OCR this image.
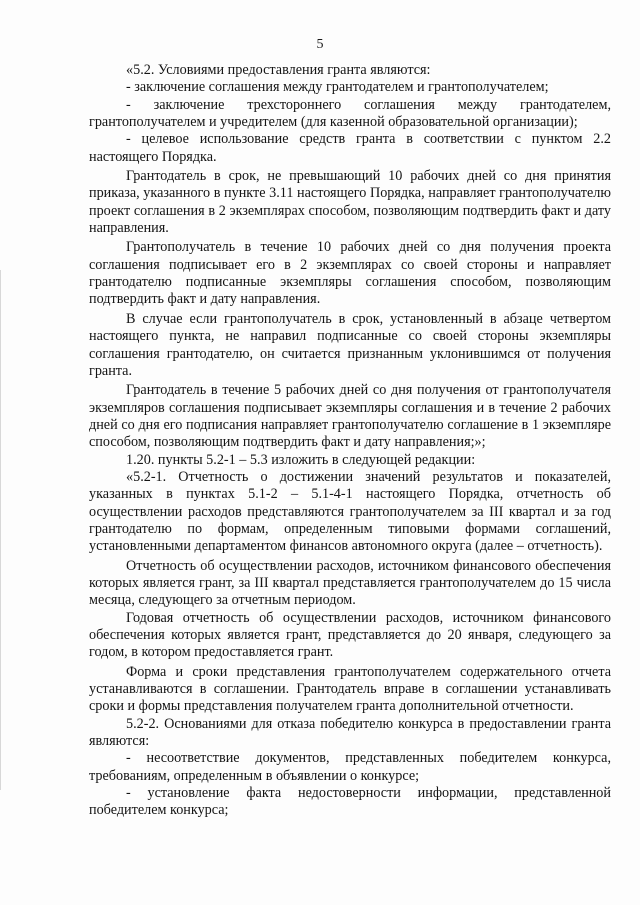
5

«5.2. Условиями предоставления гранта являются:

- заключение соглашения между грантодателем и грантополучателем;

- заключение трехстороннего соглашения между грантодателем, грантополучателем и учредителем (для казенной образовательной организации);

- целевое использование средств гранта в соответствии с пунктом 2.2 настоящего Порядка.

Грантодатель в срок, не превышающий 10 рабочих дней со дня принятия приказа, указанного в пункте 3.11 настоящего Порядка, направляет грантополучателю проект соглашения в 2 экземплярах способом, позволяющим подтвердить факт и дату направления.

Грантополучатель в течение 10 рабочих дней со дня получения проекта соглашения подписывает его в 2 экземплярах со своей стороны и направляет грантодателю подписанные экземпляры соглашения способом, позволяющим подтвердить факт и дату направления.

В случае если грантополучатель в срок, установленный в абзаце четвертом настоящего пункта, не направил подписанные со своей стороны экземпляры соглашения грантодателю, он считается признанным уклонившимся от получения гранта.

Грантодатель в течение 5 рабочих дней со дня получения от грантополучателя экземпляров соглашения подписывает экземпляры соглашения и в течение 2 рабочих дней со дня его подписания направляет грантополучателю соглашение в 1 экземпляре способом, позволяющим подтвердить факт и дату направления;»;

1.20. пункты 5.2-1 – 5.3 изложить в следующей редакции:

«5.2-1. Отчетность о достижении значений результатов и показателей, указанных в пунктах 5.1-2 – 5.1-4-1 настоящего Порядка, отчетность об осуществлении расходов представляются грантополучателем за III квартал и за год грантодателю по формам, определенным типовыми формами соглашений, установленными департаментом финансов автономного округа (далее – отчетность).

Отчетность об осуществлении расходов, источником финансового обеспечения которых является грант, за III квартал представляется грантополучателем до 15 числа месяца, следующего за отчетным периодом.

Годовая отчетность об осуществлении расходов, источником финансового обеспечения которых является грант, представляется до 20 января, следующего за годом, в котором предоставляется грант.

Форма и сроки представления грантополучателем содержательного отчета устанавливаются в соглашении. Грантодатель вправе в соглашении устанавливать сроки и формы представления получателем гранта дополнительной отчетности.

5.2-2. Основаниями для отказа победителю конкурса в предоставлении гранта являются:

- несоответствие документов, представленных победителем конкурса, требованиям, определенным в объявлении о конкурсе;

- установление факта недостоверности информации, представленной победителем конкурса;
